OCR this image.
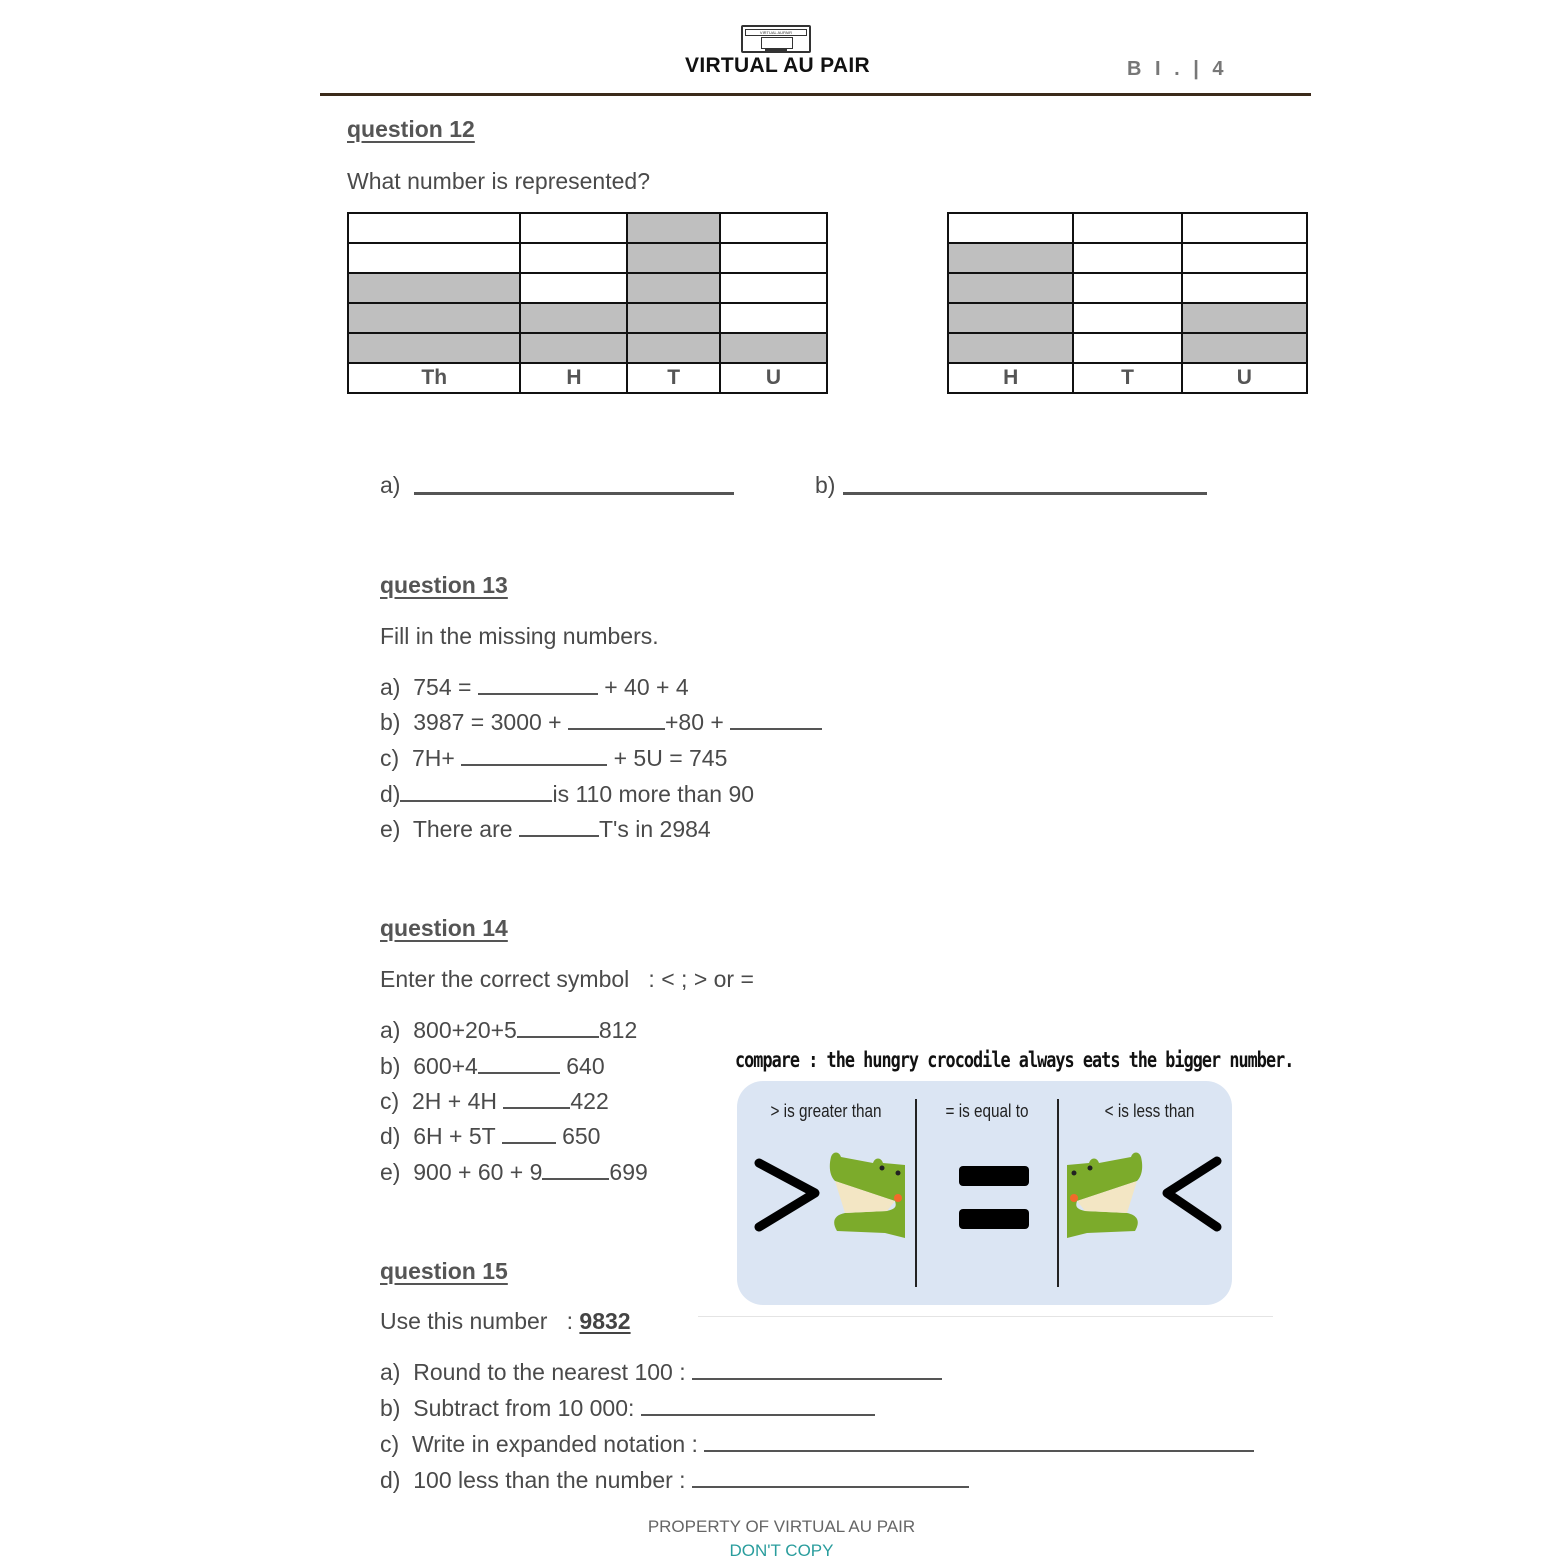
VIRTUAL AUPAIR
VIRTUAL AU PAIR	B I . | 4
question 12
What number is represented?

Th	H	T	U

			H	T	U
a)	b)
question 13
Fill in the missing numbers.
a) 754 =	+ 40 + 4
b) 3987 = 3000 +	+80 +
c) 7H+	+ 5U = 745
d)	is 110 more than 90
e) There are	T's in 2984
question 14
Enter the correct symbol   : < ; > or =
a) 800+20+5	812
b) 600+4	640
c) 2H + 4H	422
d) 6H + 5T	650
e) 900 + 60 + 9	699
compare : the hungry crocodile always eats the bigger number.
> is greater than	= is equal to	< is less than
question 15
Use this number   : 9832
a) Round to the nearest 100 :
b) Subtract from 10 000:
c) Write in expanded notation :
d) 100 less than the number :
PROPERTY OF VIRTUAL AU PAIR
DON'T COPY
